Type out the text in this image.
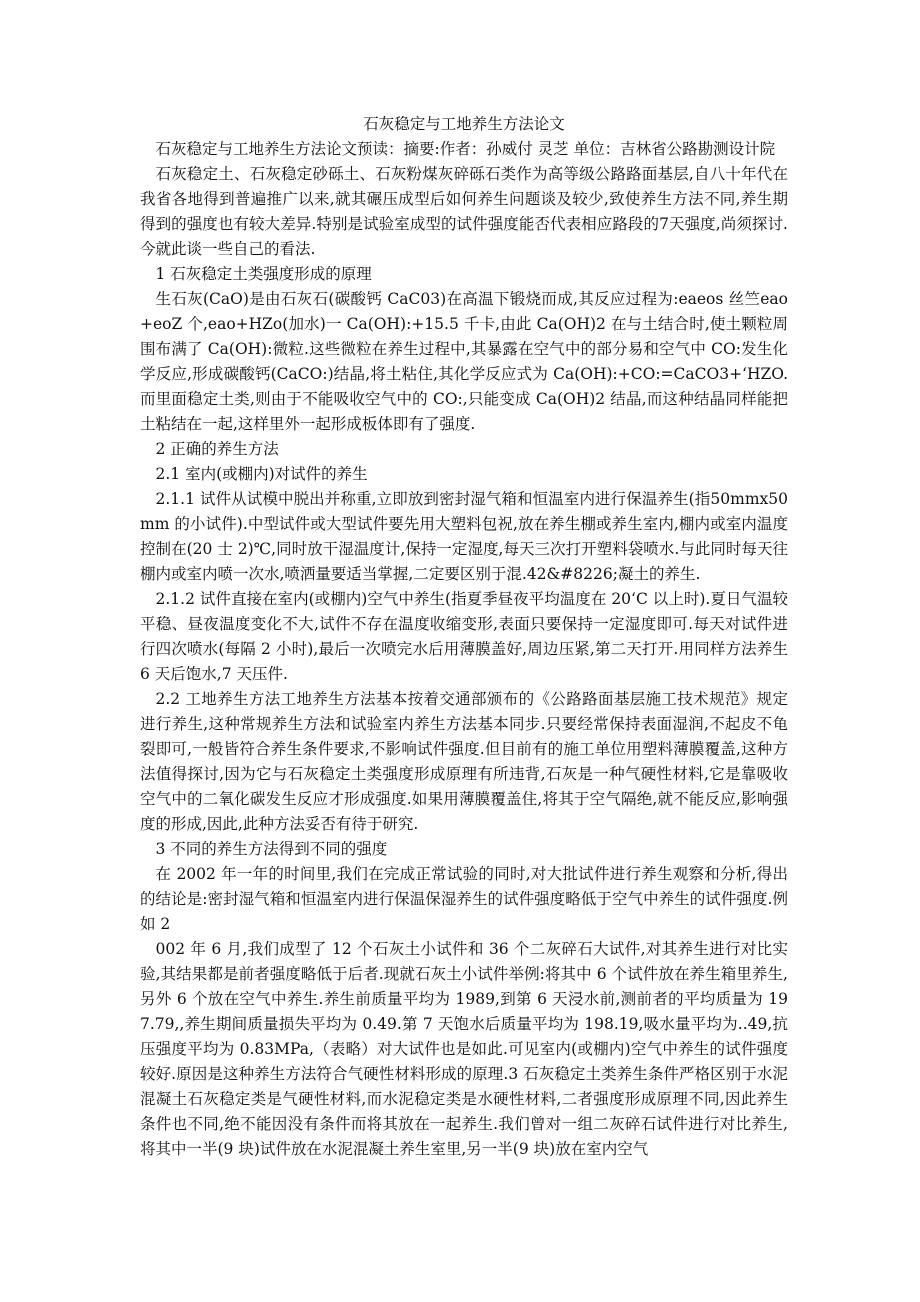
石灰稳定与工地养生方法论文

石灰稳定与工地养生方法论文预读：摘要:作者：孙威付 灵芝 单位：吉林省公路勘测设计院

石灰稳定土、石灰稳定砂砾土、石灰粉煤灰碎砾石类作为高等级公路路面基层,自八十年代在我省各地得到普遍推广以来,就其碾压成型后如何养生问题谈及较少,致使养生方法不同,养生期得到的强度也有较大差异.特别是试验室成型的试件强度能否代表相应路段的7天强度,尚须探讨.今就此谈一些自己的看法.

1 石灰稳定土类强度形成的原理

生石灰(CaO)是由石灰石(碳酸钙 CaC03)在高温下锻烧而成,其反应过程为:eaeos 丝竺eao+eoZ 个,eao+HZo(加水)一 Ca(OH):+15.5 千卡,由此 Ca(OH)2 在与土结合时,使土颗粒周围布满了 Ca(OH):微粒.这些微粒在养生过程中,其暴露在空气中的部分易和空气中 CO:发生化学反应,形成碳酸钙(CaCO:)结晶,将土粘住,其化学反应式为 Ca(OH):+CO:=CaCO3+‘HZO.而里面稳定土类,则由于不能吸收空气中的 CO:,只能变成 Ca(OH)2 结晶,而这种结晶同样能把土粘结在一起,这样里外一起形成板体即有了强度.

2 正确的养生方法

2.1 室内(或棚内)对试件的养生

2.1.1 试件从试模中脱出并称重,立即放到密封湿气箱和恒温室内进行保温养生(指50mmx50mm 的小试件).中型试件或大型试件要先用大塑料包祝,放在养生棚或养生室内,棚内或室内温度控制在(20 士 2)℃,同时放干湿温度计,保持一定湿度,每天三次打开塑料袋喷水.与此同时每天往棚内或室内喷一次水,喷洒量要适当掌握,二定要区别于混.42&#8226;凝土的养生.

2.1.2 试件直接在室内(或棚内)空气中养生(指夏季昼夜平均温度在 20‘C 以上时).夏日气温较平稳、昼夜温度变化不大,试件不存在温度收缩变形,表面只要保持一定湿度即可.每天对试件进行四次喷水(每隔 2 小时),最后一次喷完水后用薄膜盖好,周边压紧,第二天打开.用同样方法养生 6 天后饱水,7 天压件.

2.2 工地养生方法工地养生方法基本按着交通部颁布的《公路路面基层施工技术规范》规定进行养生,这种常规养生方法和试验室内养生方法基本同步.只要经常保持表面湿润,不起皮不龟裂即可,一般皆符合养生条件要求,不影响试件强度.但目前有的施工单位用塑料薄膜覆盖,这种方法值得探讨,因为它与石灰稳定土类强度形成原理有所违背,石灰是一种气硬性材料,它是靠吸收空气中的二氧化碳发生反应才形成强度.如果用薄膜覆盖住,将其于空气隔绝,就不能反应,影响强度的形成,因此,此种方法妥否有待于研究.

3 不同的养生方法得到不同的强度

在 2002 年一年的时间里,我们在完成正常试验的同时,对大批试件进行养生观察和分析,得出的结论是:密封湿气箱和恒温室内进行保温保湿养生的试件强度略低于空气中养生的试件强度.例如 2

002 年 6 月,我们成型了 12 个石灰土小试件和 36 个二灰碎石大试件,对其养生进行对比实验,其结果都是前者强度略低于后者.现就石灰土小试件举例:将其中 6 个试件放在养生箱里养生,另外 6 个放在空气中养生.养生前质量平均为 1989,到第 6 天浸水前,测前者的平均质量为 197.79,,养生期间质量损失平均为 0.49.第 7 天饱水后质量平均为 198.19,吸水量平均为..49,抗压强度平均为 0.83MPa,（表略）对大试件也是如此.可见室内(或棚内)空气中养生的试件强度较好.原因是这种养生方法符合气硬性材料形成的原理.3 石灰稳定土类养生条件严格区别于水泥混凝土石灰稳定类是气硬性材料,而水泥稳定类是水硬性材料,二者强度形成原理不同,因此养生条件也不同,绝不能因没有条件而将其放在一起养生.我们曾对一组二灰碎石试件进行对比养生,将其中一半(9 块)试件放在水泥混凝土养生室里,另一半(9 块)放在室内空气
